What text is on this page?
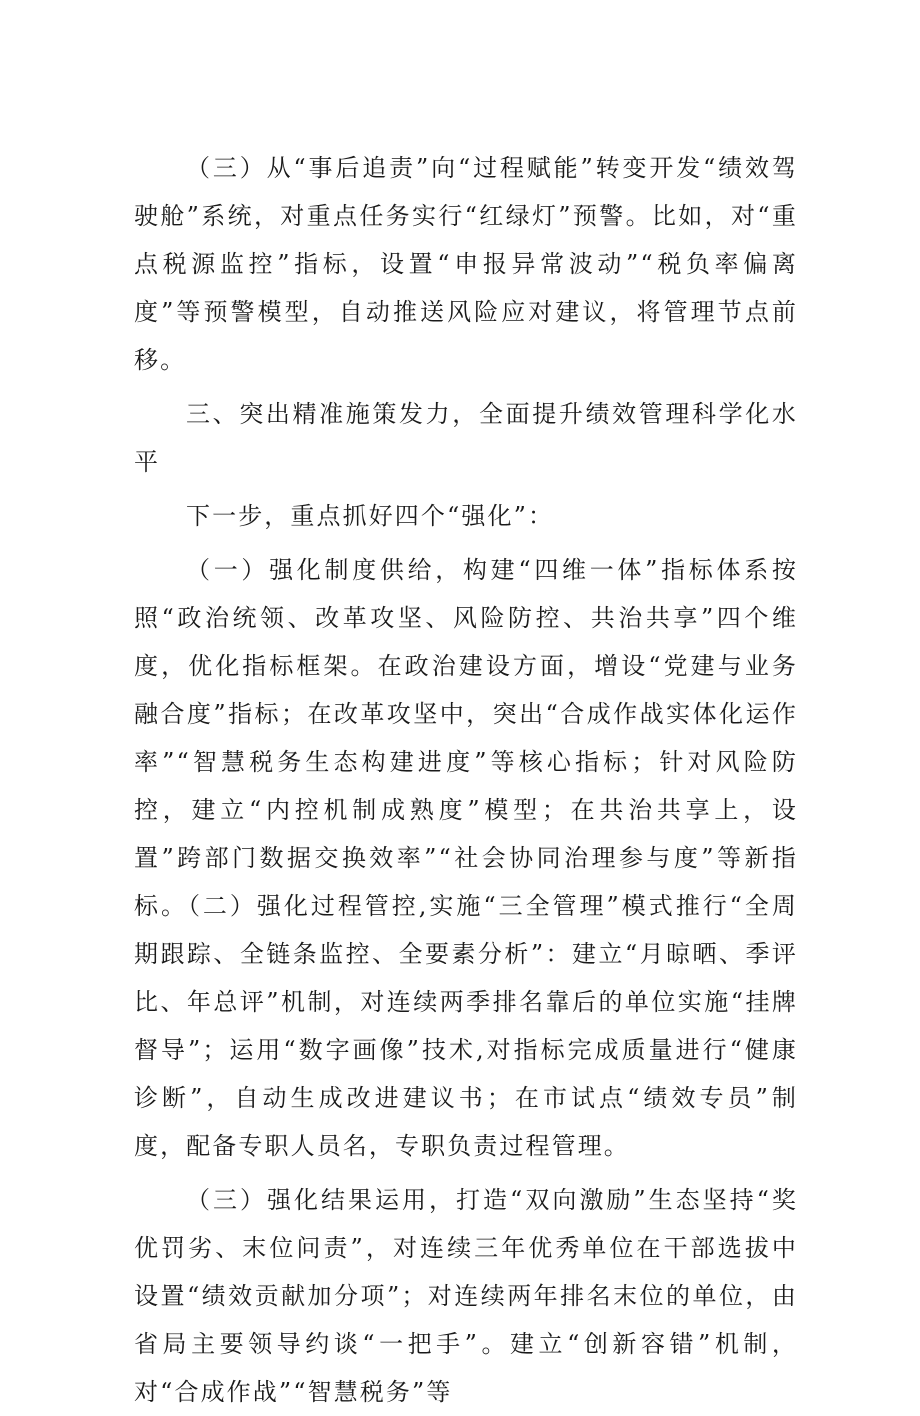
（三）从“事后追责”向“过程赋能”转变开发“绩效驾驶舱”系统，对重点任务实行“红绿灯”预警。比如，对“重点税源监控”指标，设置“申报异常波动”“税负率偏离度”等预警模型，自动推送风险应对建议，将管理节点前移。

三、突出精准施策发力，全面提升绩效管理科学化水平

下一步，重点抓好四个“强化”：

（一）强化制度供给，构建“四维一体”指标体系按照“政治统领、改革攻坚、风险防控、共治共享”四个维度，优化指标框架。在政治建设方面，增设“党建与业务融合度”指标；在改革攻坚中，突出“合成作战实体化运作率”“智慧税务生态构建进度”等核心指标；针对风险防控，建立“内控机制成熟度”模型；在共治共享上，设置”跨部门数据交换效率”“社会协同治理参与度”等新指标。（二）强化过程管控,实施“三全管理”模式推行“全周期跟踪、全链条监控、全要素分析”：建立“月晾晒、季评比、年总评”机制，对连续两季排名靠后的单位实施“挂牌督导”；运用“数字画像”技术,对指标完成质量进行“健康诊断”，自动生成改进建议书；在市试点“绩效专员”制度，配备专职人员名，专职负责过程管理。

（三）强化结果运用，打造“双向激励”生态坚持“奖优罚劣、末位问责”，对连续三年优秀单位在干部选拔中设置“绩效贡献加分项”；对连续两年排名末位的单位，由省局主要领导约谈“一把手”。建立“创新容错”机制，对“合成作战”“智慧税务”等
